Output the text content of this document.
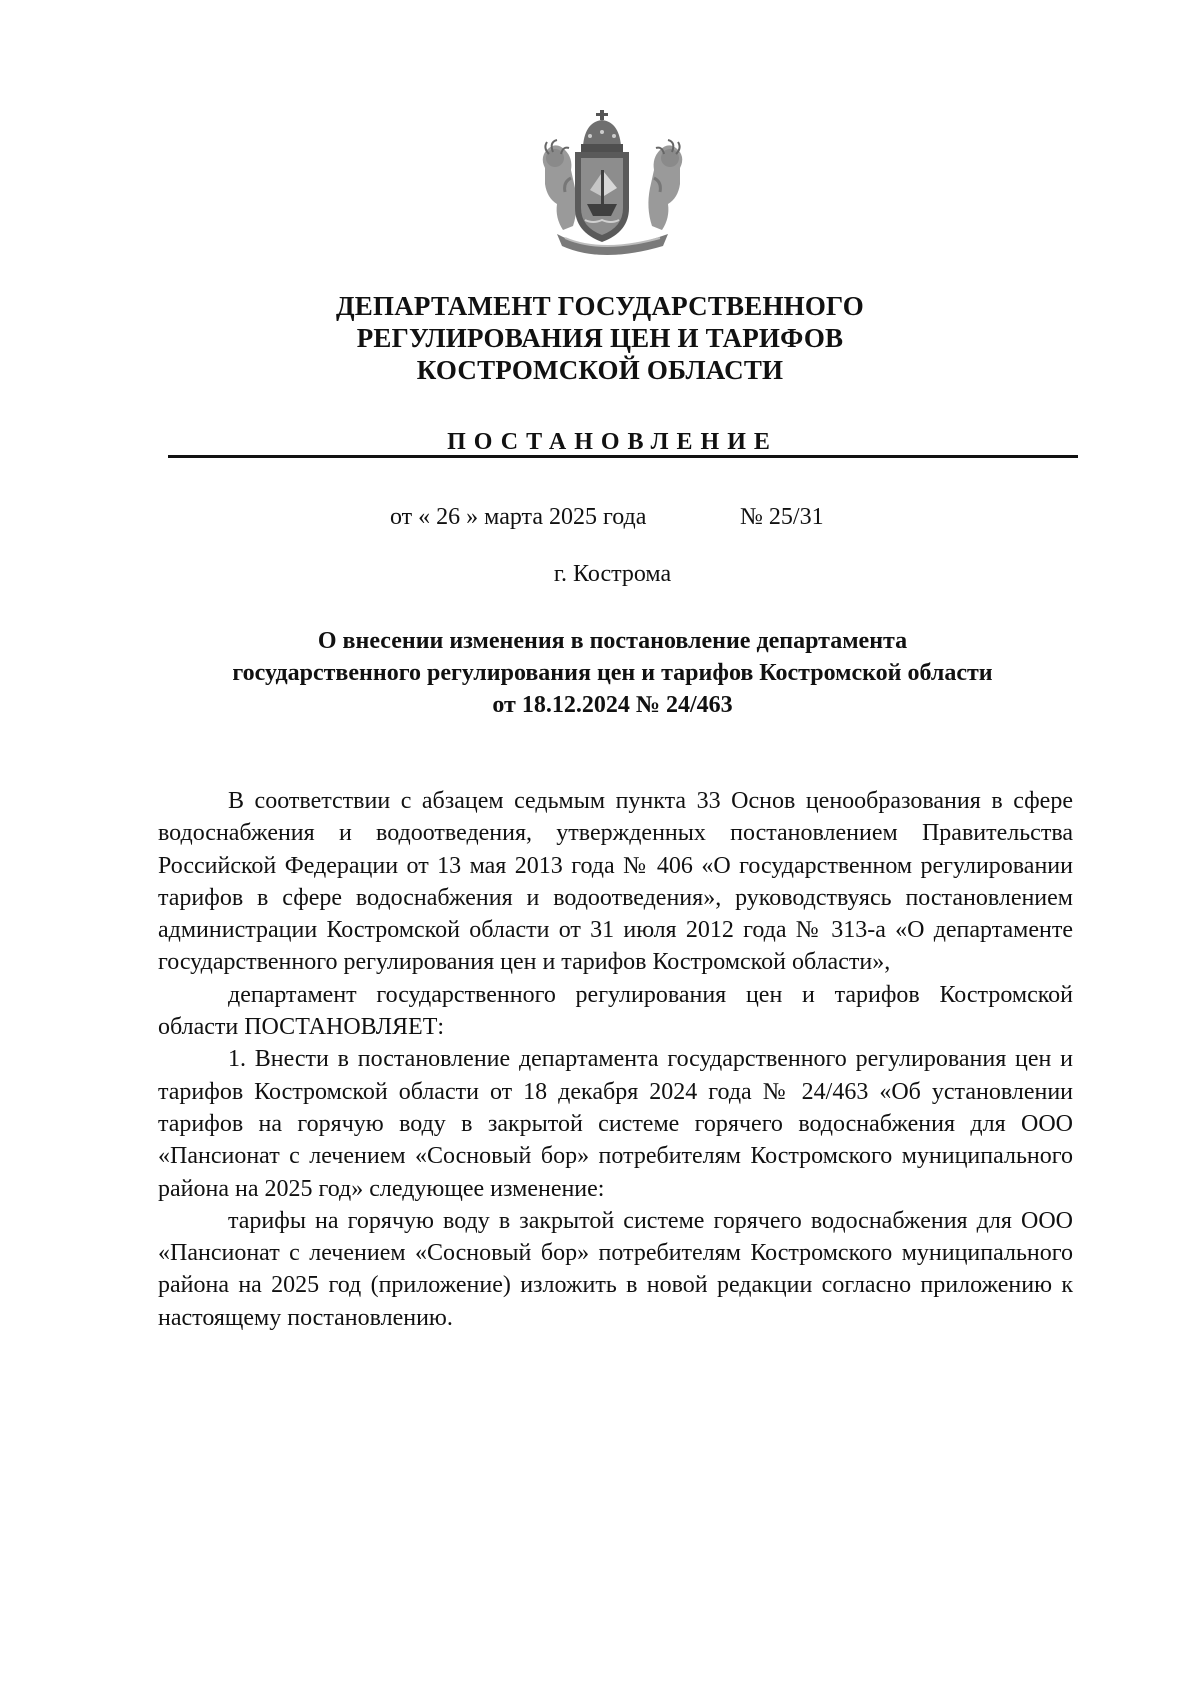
ДЕПАРТАМЕНТ ГОСУДАРСТВЕННОГО
РЕГУЛИРОВАНИЯ ЦЕН И ТАРИФОВ
КОСТРОМСКОЙ ОБЛАСТИ
ПОСТАНОВЛЕНИЕ
от « 26 » марта 2025 года	№ 25/31
г. Кострома
О внесении изменения в постановление департамента
государственного регулирования цен и тарифов Костромской области
от 18.12.2024 № 24/463

В соответствии с абзацем седьмым пункта 33 Основ ценообразования в сфере водоснабжения и водоотведения, утвержденных постановлением Правительства Российской Федерации от 13 мая 2013 года № 406 «О государственном регулировании тарифов в сфере водоснабжения и водоотведения», руководствуясь постановлением администрации Костромской области от 31 июля 2012 года № 313-а «О департаменте государственного регулирования цен и тарифов Костромской области»,

департамент государственного регулирования цен и тарифов Костромской области ПОСТАНОВЛЯЕТ:

1. Внести в постановление департамента государственного регулирования цен и тарифов Костромской области от 18 декабря 2024 года № 24/463 «Об установлении тарифов на горячую воду в закрытой системе горячего водоснабжения для ООО «Пансионат с лечением «Сосновый бор» потребителям Костромского муниципального района на 2025 год» следующее изменение:

тарифы на горячую воду в закрытой системе горячего водоснабжения для ООО «Пансионат с лечением «Сосновый бор» потребителям Костромского муниципального района на 2025 год (приложение) изложить в новой редакции согласно приложению к настоящему постановлению.
